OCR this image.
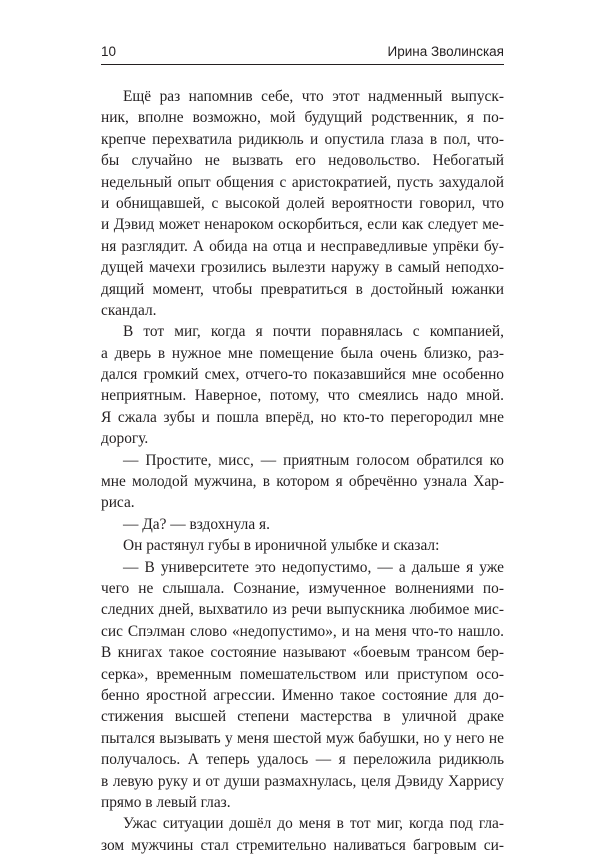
10	Ирина Зволинская
Ещё раз напомнив себе, что этот надменный выпуск-
ник, вполне возможно, мой будущий родственник, я по-
крепче перехватила ридикюль и опустила глаза в пол, что-
бы случайно не вызвать его недовольство. Небогатый
недельный опыт общения с аристократией, пусть захудалой
и обнищавшей, с высокой долей вероятности говорил, что
и Дэвид может ненароком оскорбиться, если как следует ме-
ня разглядит. А обида на отца и несправедливые упрёки бу-
дущей мачехи грозились вылезти наружу в самый неподхо-
дящий момент, чтобы превратиться в достойный южанки
скандал.
В тот миг, когда я почти поравнялась с компанией,
а дверь в нужное мне помещение была очень близко, раз-
дался громкий смех, отчего-то показавшийся мне особенно
неприятным. Наверное, потому, что смеялись надо мной.
Я сжала зубы и пошла вперёд, но кто-то перегородил мне
дорогу.
— Простите, мисс, — приятным голосом обратился ко
мне молодой мужчина, в котором я обречённо узнала Хар-
риса.
— Да? — вздохнула я.
Он растянул губы в ироничной улыбке и сказал:
— В университете это недопустимо, — а дальше я уже
чего не слышала. Сознание, измученное волнениями по-
следних дней, выхватило из речи выпускника любимое мис-
сис Спэлман слово «недопустимо», и на меня что-то нашло.
В книгах такое состояние называют «боевым трансом бер-
серка», временным помешательством или приступом осо-
бенно яростной агрессии. Именно такое состояние для до-
стижения высшей степени мастерства в уличной драке
пытался вызывать у меня шестой муж бабушки, но у него не
получалось. А теперь удалось — я переложила ридикюль
в левую руку и от души размахнулась, целя Дэвиду Харрису
прямо в левый глаз.
Ужас ситуации дошёл до меня в тот миг, когда под гла-
зом мужчины стал стремительно наливаться багровым си-
